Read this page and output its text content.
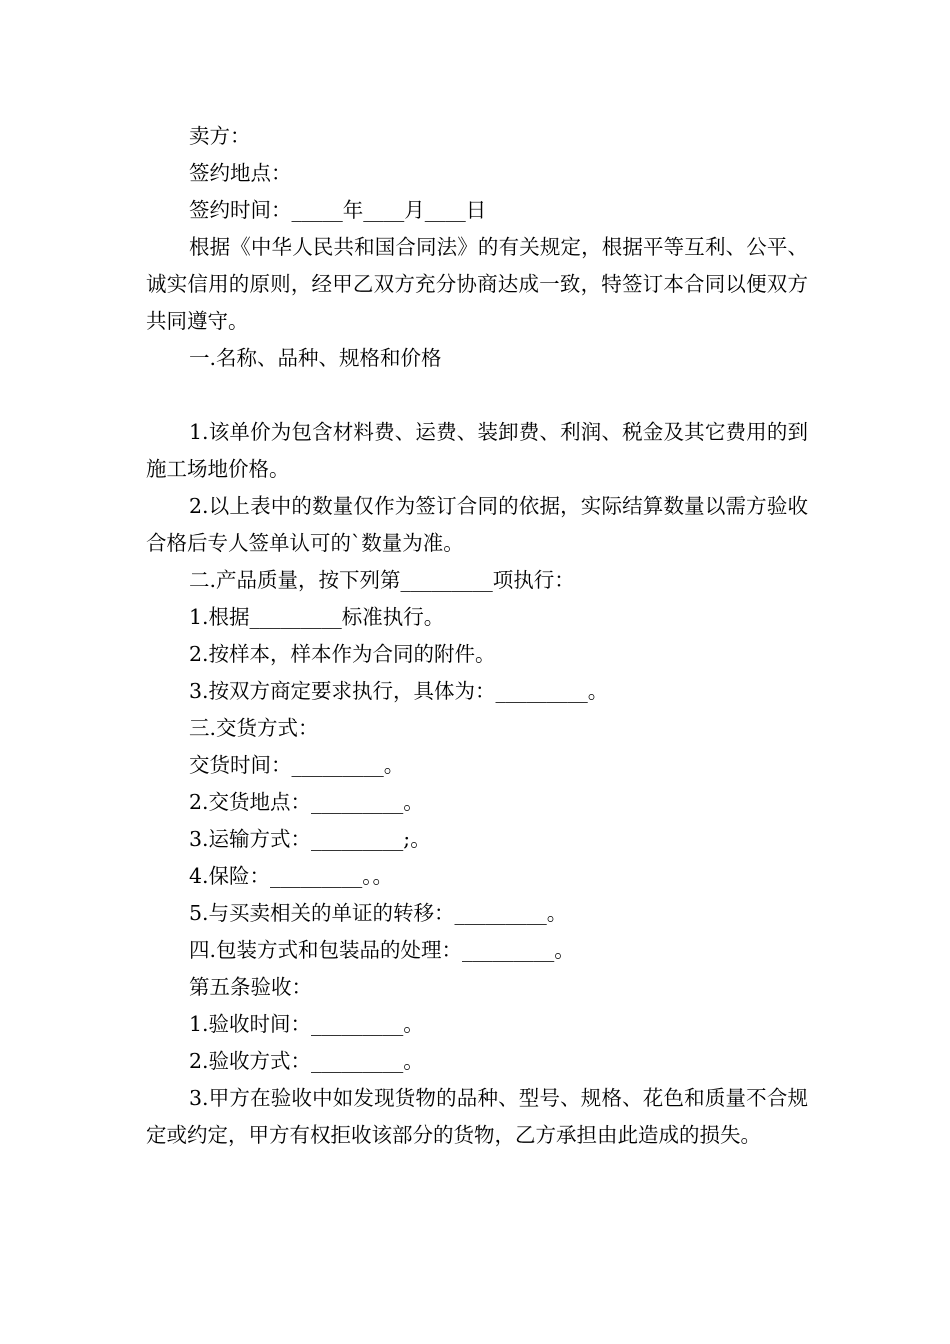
卖方：

签约地点：

签约时间：_____年____月____日

根据《中华人民共和国合同法》的有关规定，根据平等互利、公平、诚实信用的原则，经甲乙双方充分协商达成一致，特签订本合同以便双方共同遵守。

一.名称、品种、规格和价格

1.该单价为包含材料费、运费、装卸费、利润、税金及其它费用的到施工场地价格。

2.以上表中的数量仅作为签订合同的依据，实际结算数量以需方验收合格后专人签单认可的`数量为准。

二.产品质量，按下列第_________项执行：

1.根据_________标准执行。

2.按样本，样本作为合同的附件。

3.按双方商定要求执行，具体为：_________。

三.交货方式：

交货时间：_________。

2.交货地点：_________。

3.运输方式：_________;。

4.保险：_________。。

5.与买卖相关的单证的转移：_________。

四.包装方式和包装品的处理：_________。

第五条验收：

1.验收时间：_________。

2.验收方式：_________。

3.甲方在验收中如发现货物的品种、型号、规格、花色和质量不合规定或约定，甲方有权拒收该部分的货物，乙方承担由此造成的损失。
